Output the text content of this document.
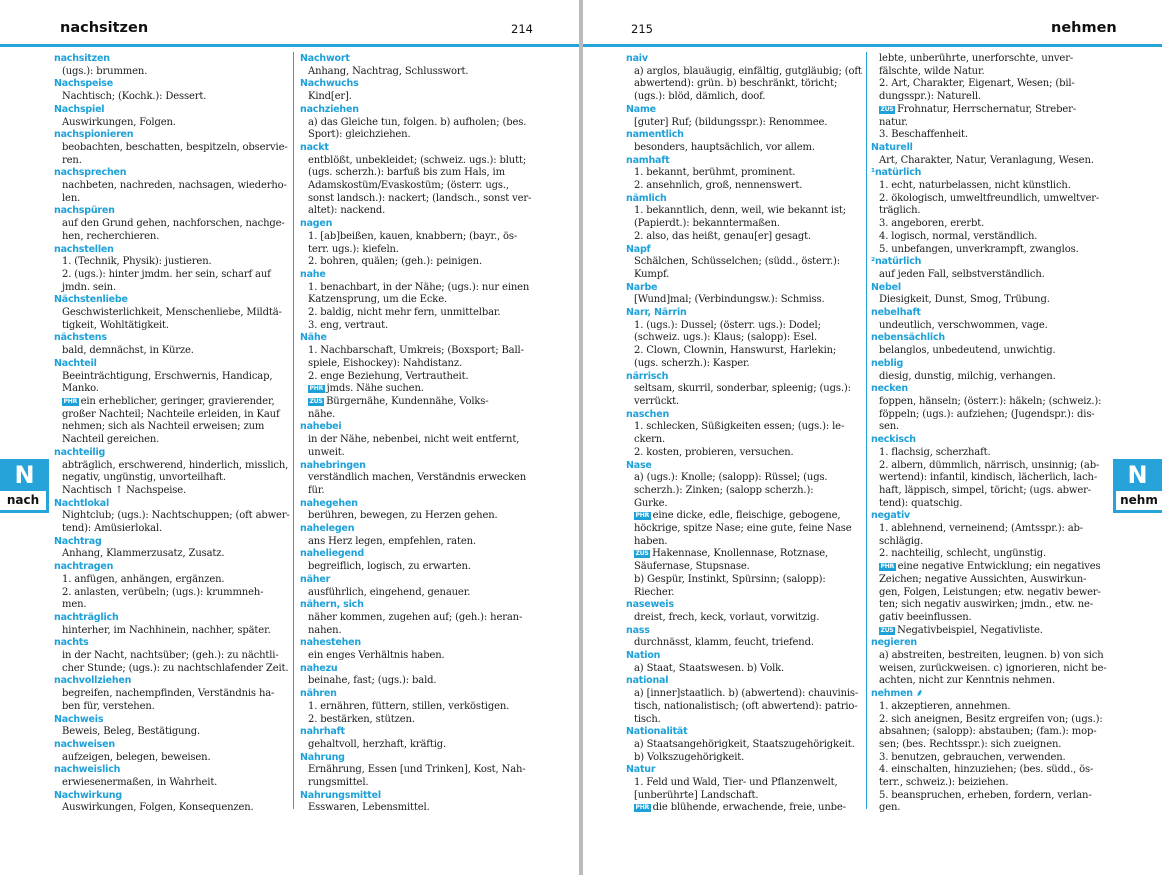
nachsitzen	214
nachsitzen
(ugs.): brummen.
Nachspeise
Nachtisch; (Kochk.): Dessert.
Nachspiel
Auswirkungen, Folgen.
nachspionieren
beobachten, beschatten, bespitzeln, observie-
ren.
nachsprechen
nachbeten, nachreden, nachsagen, wiederho-
len.
nachspüren
auf den Grund gehen, nachforschen, nachge-
hen, recherchieren.
nachstellen
1. (Technik, Physik): justieren.
2. (ugs.): hinter jmdm. her sein, scharf auf
jmdn. sein.
Nächstenliebe
Geschwisterlichkeit, Menschenliebe, Mildtä-
tigkeit, Wohltätigkeit.
nächstens
bald, demnächst, in Kürze.
Nachteil
Beeinträchtigung, Erschwernis, Handicap,
Manko.
PHR ein erheblicher, geringer, gravierender,
großer Nachteil; Nachteile erleiden, in Kauf
nehmen; sich als Nachteil erweisen; zum
Nachteil gereichen.
nachteilig
abträglich, erschwerend, hinderlich, misslich,
negativ, ungünstig, unvorteilhaft.
Nachtisch ↑ Nachspeise.
Nachtlokal
Nightclub; (ugs.): Nachtschuppen; (oft abwer-
tend): Amüsierlokal.
Nachtrag
Anhang, Klammerzusatz, Zusatz.
nachtragen
1. anfügen, anhängen, ergänzen.
2. anlasten, verübeln; (ugs.): krummneh-
men.
nachträglich
hinterher, im Nachhinein, nachher, später.
nachts
in der Nacht, nachtsüber; (geh.): zu nächtli-
cher Stunde; (ugs.): zu nachtschlafender Zeit.
nachvollziehen
begreifen, nachempfinden, Verständnis ha-
ben für, verstehen.
Nachweis
Beweis, Beleg, Bestätigung.
nachweisen
aufzeigen, belegen, beweisen.
nachweislich
erwiesenermaßen, in Wahrheit.
Nachwirkung
Auswirkungen, Folgen, Konsequenzen.
Nachwort
Anhang, Nachtrag, Schlusswort.
Nachwuchs
Kind[er].
nachziehen
a) das Gleiche tun, folgen. b) aufholen; (bes.
Sport): gleichziehen.
nackt
entblößt, unbekleidet; (schweiz. ugs.): blutt;
(ugs. scherzh.): barfuß bis zum Hals, im
Adamskostüm/Evaskostüm; (österr. ugs.,
sonst landsch.): nackert; (landsch., sonst ver-
altet): nackend.
nagen
1. [ab]beißen, kauen, knabbern; (bayr., ös-
terr. ugs.): kiefeln.
2. bohren, quälen; (geh.): peinigen.
nahe
1. benachbart, in der Nähe; (ugs.): nur einen
Katzensprung, um die Ecke.
2. baldig, nicht mehr fern, unmittelbar.
3. eng, vertraut.
Nähe
1. Nachbarschaft, Umkreis; (Boxsport; Ball-
spiele, Eishockey): Nahdistanz.
2. enge Beziehung, Vertrautheit.
PHR jmds. Nähe suchen.
ZUS Bürgernähe, Kundennähe, Volks-
nähe.
nahebei
in der Nähe, nebenbei, nicht weit entfernt,
unweit.
nahebringen
verständlich machen, Verständnis erwecken
für.
nahegehen
berühren, bewegen, zu Herzen gehen.
nahelegen
ans Herz legen, empfehlen, raten.
naheliegend
begreiflich, logisch, zu erwarten.
näher
ausführlich, eingehend, genauer.
nähern, sich
näher kommen, zugehen auf; (geh.): heran-
nahen.
nahestehen
ein enges Verhältnis haben.
nahezu
beinahe, fast; (ugs.): bald.
nähren
1. ernähren, füttern, stillen, verköstigen.
2. bestärken, stützen.
nahrhaft
gehaltvoll, herzhaft, kräftig.
Nahrung
Ernährung, Essen [und Trinken], Kost, Nah-
rungsmittel.
Nahrungsmittel
Esswaren, Lebensmittel.
N
nach
nehmen
215
naiv
a) arglos, blauäugig, einfältig, gutgläubig; (oft
abwertend): grün. b) beschränkt, töricht;
(ugs.): blöd, dämlich, doof.
Name
[guter] Ruf; (bildungsspr.): Renommee.
namentlich
besonders, hauptsächlich, vor allem.
namhaft
1. bekannt, berühmt, prominent.
2. ansehnlich, groß, nennenswert.
nämlich
1. bekanntlich, denn, weil, wie bekannt ist;
(Papierdt.): bekanntermaßen.
2. also, das heißt, genau[er] gesagt.
Napf
Schälchen, Schüsselchen; (südd., österr.):
Kumpf.
Narbe
[Wund]mal; (Verbindungsw.): Schmiss.
Narr, Närrin
1. (ugs.): Dussel; (österr. ugs.): Dodel;
(schweiz. ugs.): Klaus; (salopp): Esel.
2. Clown, Clownin, Hanswurst, Harlekin;
(ugs. scherzh.): Kasper.
närrisch
seltsam, skurril, sonderbar, spleenig; (ugs.):
verrückt.
naschen
1. schlecken, Süßigkeiten essen; (ugs.): le-
ckern.
2. kosten, probieren, versuchen.
Nase
a) (ugs.): Knolle; (salopp): Rüssel; (ugs.
scherzh.): Zinken; (salopp scherzh.):
Gurke.
PHR eine dicke, edle, fleischige, gebogene,
höckrige, spitze Nase; eine gute, feine Nase
haben.
ZUS Hakennase, Knollennase, Rotznase,
Säufernase, Stupsnase.
b) Gespür, Instinkt, Spürsinn; (salopp):
Riecher.
naseweis
dreist, frech, keck, vorlaut, vorwitzig.
nass
durchnässt, klamm, feucht, triefend.
Nation
a) Staat, Staatswesen. b) Volk.
national
a) [inner]staatlich. b) (abwertend): chauvinis-
tisch, nationalistisch; (oft abwertend): patrio-
tisch.
Nationalität
a) Staatsangehörigkeit, Staatszugehörigkeit.
b) Volkszugehörigkeit.
Natur
1. Feld und Wald, Tier- und Pflanzenwelt,
[unberührte] Landschaft.
PHR die blühende, erwachende, freie, unbe-
lebte, unberührte, unerforschte, unver-
fälschte, wilde Natur.
2. Art, Charakter, Eigenart, Wesen; (bil-
dungsspr.): Naturell.
ZUS Frohnatur, Herrschernatur, Streber-
natur.
3. Beschaffenheit.
Naturell
Art, Charakter, Natur, Veranlagung, Wesen.
¹natürlich
1. echt, naturbelassen, nicht künstlich.
2. ökologisch, umweltfreundlich, umweltver-
träglich.
3. angeboren, ererbt.
4. logisch, normal, verständlich.
5. unbefangen, unverkrampft, zwanglos.
²natürlich
auf jeden Fall, selbstverständlich.
Nebel
Diesigkeit, Dunst, Smog, Trübung.
nebelhaft
undeutlich, verschwommen, vage.
nebensächlich
belanglos, unbedeutend, unwichtig.
neblig
diesig, dunstig, milchig, verhangen.
necken
foppen, hänseln; (österr.): häkeln; (schweiz.):
föppeln; (ugs.): aufziehen; (Jugendspr.): dis-
sen.
neckisch
1. flachsig, scherzhaft.
2. albern, dümmlich, närrisch, unsinnig; (ab-
wertend): infantil, kindisch, lächerlich, lach-
haft, läppisch, simpel, töricht; (ugs. abwer-
tend): quatschig.
negativ
1. ablehnend, verneinend; (Amtsspr.): ab-
schlägig.
2. nachteilig, schlecht, ungünstig.
PHR eine negative Entwicklung; ein negatives
Zeichen; negative Aussichten, Auswirkun-
gen, Folgen, Leistungen; etw. negativ bewer-
ten; sich negativ auswirken; jmdn., etw. ne-
gativ beeinflussen.
ZUS Negativbeispiel, Negativliste.
negieren
a) abstreiten, bestreiten, leugnen. b) von sich
weisen, zurückweisen. c) ignorieren, nicht be-
achten, nicht zur Kenntnis nehmen.
nehmen ⸙
1. akzeptieren, annehmen.
2. sich aneignen, Besitz ergreifen von; (ugs.):
absahnen; (salopp): abstauben; (fam.): mop-
sen; (bes. Rechtsspr.): sich zueignen.
3. benutzen, gebrauchen, verwenden.
4. einschalten, hinzuziehen; (bes. südd., ös-
terr., schweiz.): beiziehen.
5. beanspruchen, erheben, fordern, verlan-
gen.
N
nehm
